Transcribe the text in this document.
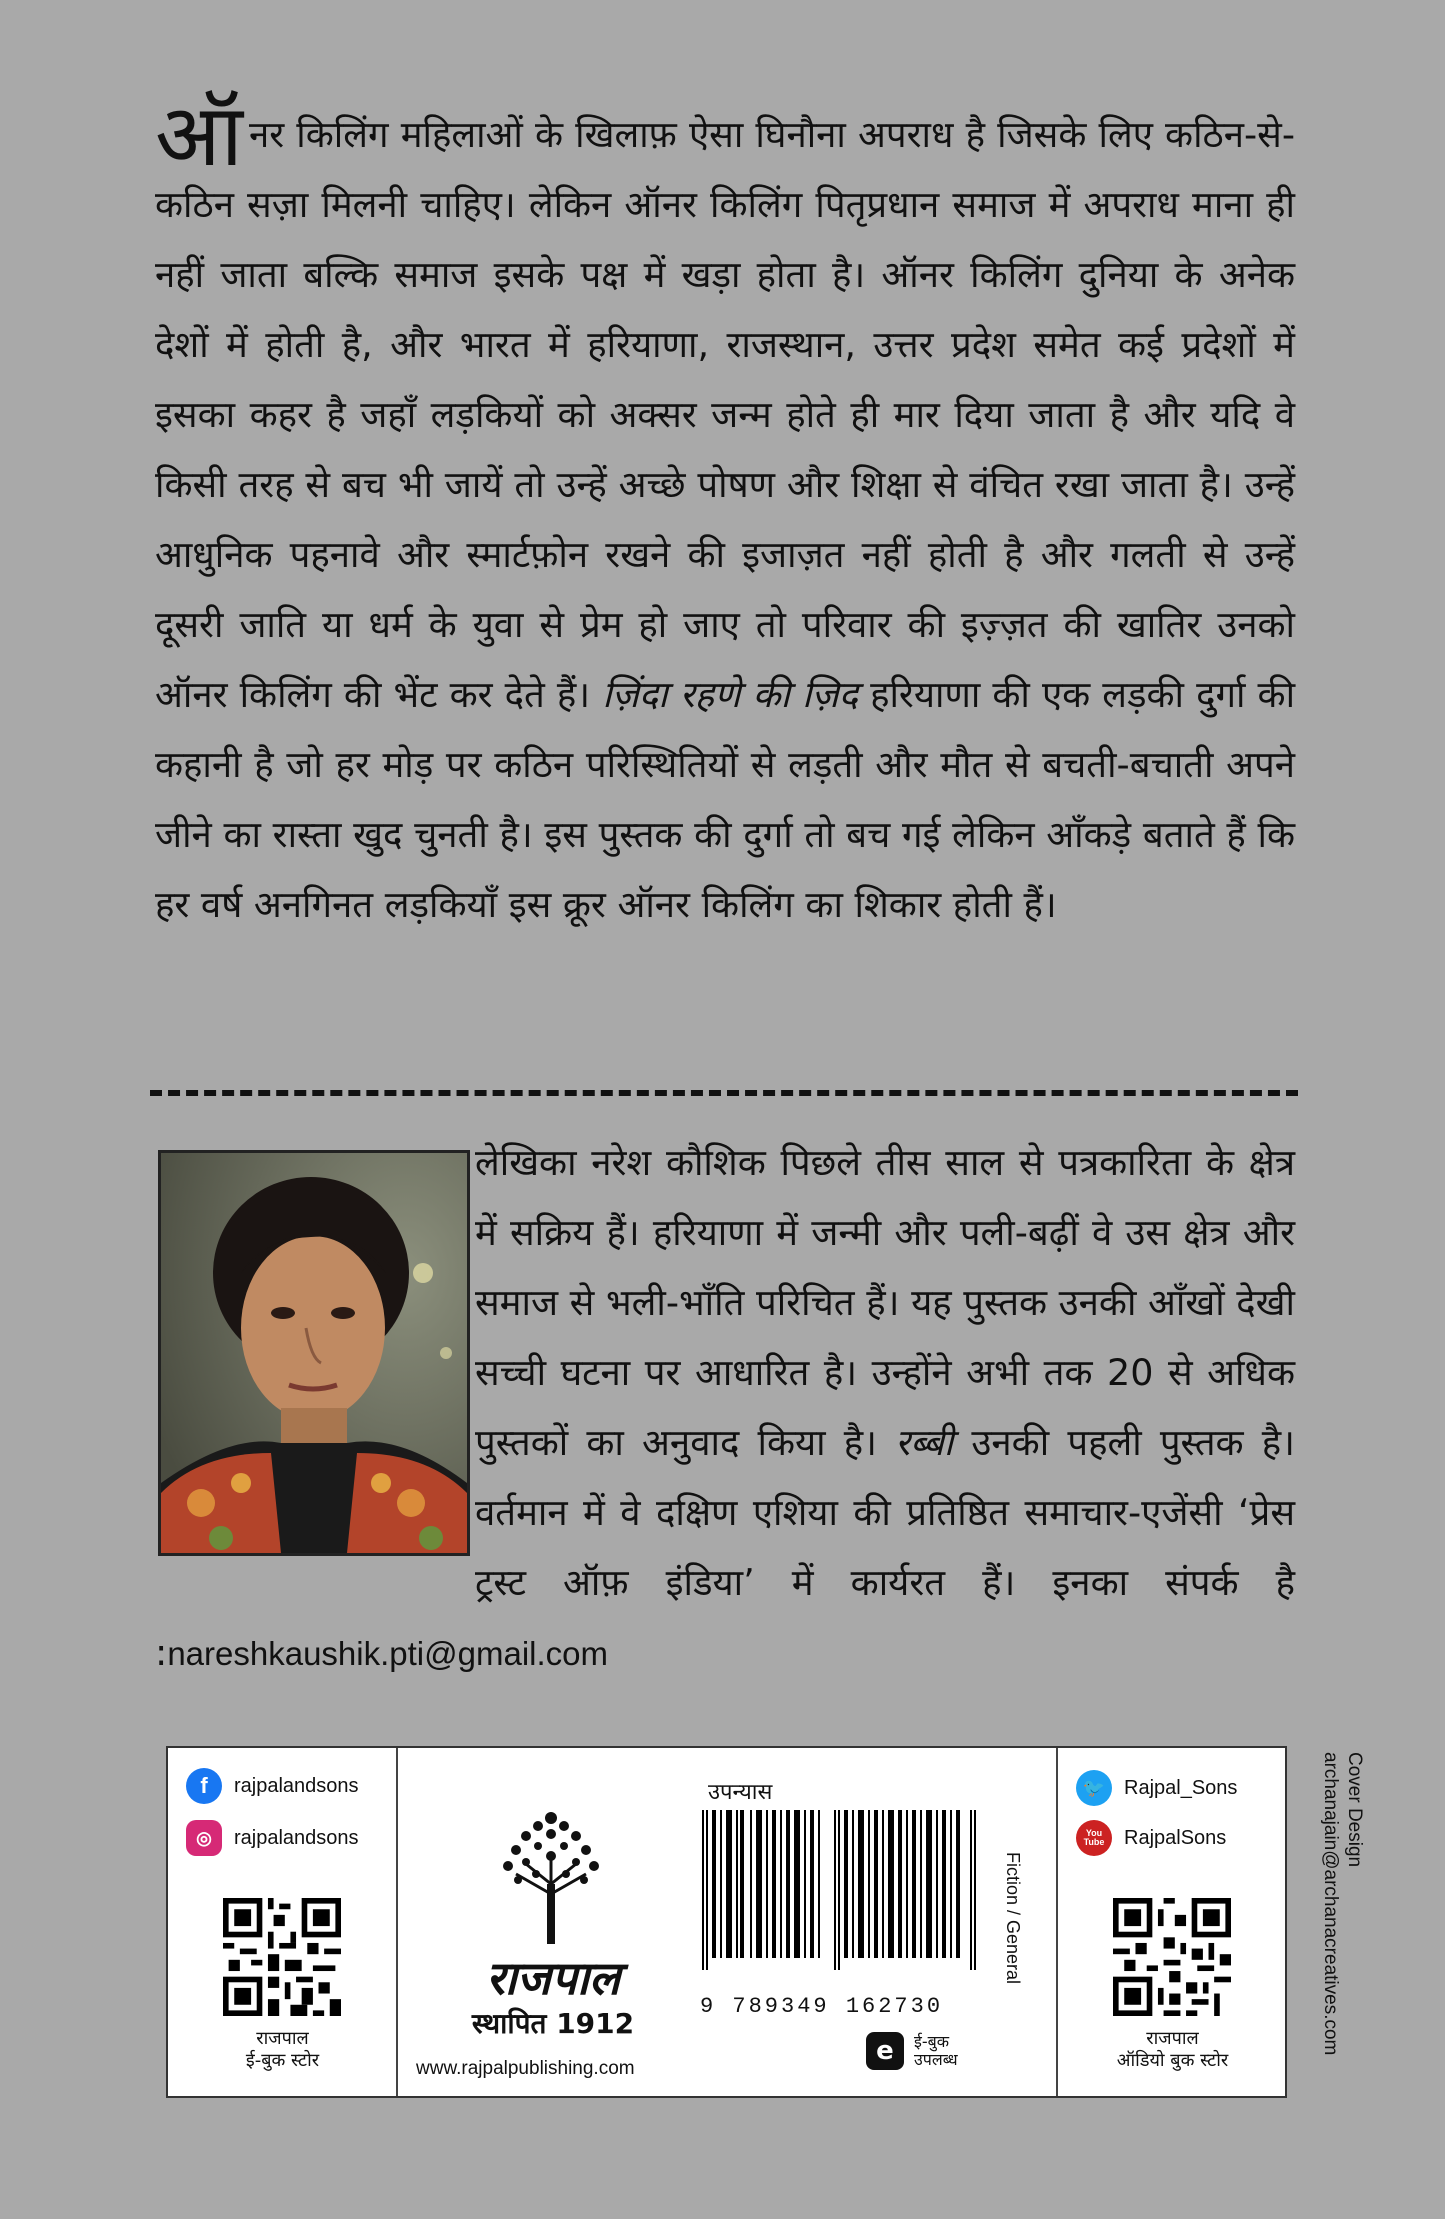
ऑनर किलिंग महिलाओं के खिलाफ़ ऐसा घिनौना अपराध है जिसके लिए कठिन-से-कठिन सज़ा मिलनी चाहिए। लेकिन ऑनर किलिंग पितृप्रधान समाज में अपराध माना ही नहीं जाता बल्कि समाज इसके पक्ष में खड़ा होता है। ऑनर किलिंग दुनिया के अनेक देशों में होती है, और भारत में हरियाणा, राजस्थान, उत्तर प्रदेश समेत कई प्रदेशों में इसका कहर है जहाँ लड़कियों को अक्सर जन्म होते ही मार दिया जाता है और यदि वे किसी तरह से बच भी जायें तो उन्हें अच्छे पोषण और शिक्षा से वंचित रखा जाता है। उन्हें आधुनिक पहनावे और स्मार्टफ़ोन रखने की इजाज़त नहीं होती है और गलती से उन्हें दूसरी जाति या धर्म के युवा से प्रेम हो जाए तो परिवार की इज़्ज़त की खातिर उनको ऑनर किलिंग की भेंट कर देते हैं। ज़िंदा रहणे की ज़िद हरियाणा की एक लड़की दुर्गा की कहानी है जो हर मोड़ पर कठिन परिस्थितियों से लड़ती और मौत से बचती-बचाती अपने जीने का रास्ता खुद चुनती है। इस पुस्तक की दुर्गा तो बच गई लेकिन आँकड़े बताते हैं कि हर वर्ष अनगिनत लड़कियाँ इस क्रूर ऑनर किलिंग का शिकार होती हैं।
लेखिका नरेश कौशिक पिछले तीस साल से पत्रकारिता के क्षेत्र में सक्रिय हैं। हरियाणा में जन्मी और पली-बढ़ीं वे उस क्षेत्र और समाज से भली-भाँति परिचित हैं। यह पुस्तक उनकी आँखों देखी सच्ची घटना पर आधारित है। उन्होंने अभी तक 20 से अधिक पुस्तकों का अनुवाद किया है। रब्बी उनकी पहली पुस्तक है। वर्तमान में वे दक्षिण एशिया की प्रतिष्ठित समाचार-एजेंसी ‘प्रेस ट्रस्ट ऑफ़ इंडिया’ में कार्यरत हैं। इनका संपर्क है :nareshkaushik.pti@gmail.com
f	rajpalandsons
◎	rajpalandsons
राजपाल
ई-बुक स्टोर
राजपाल
स्थापित 1912
www.rajpalpublishing.com
उपन्यास
9 789349 162730
Fiction / General
e	ई-बुक
उपलब्ध
🐦 Rajpal_Sons
You Tube RajpalSons
राजपाल
ऑडियो बुक स्टोर
Cover Design
archanajain@archanacreatives.com
